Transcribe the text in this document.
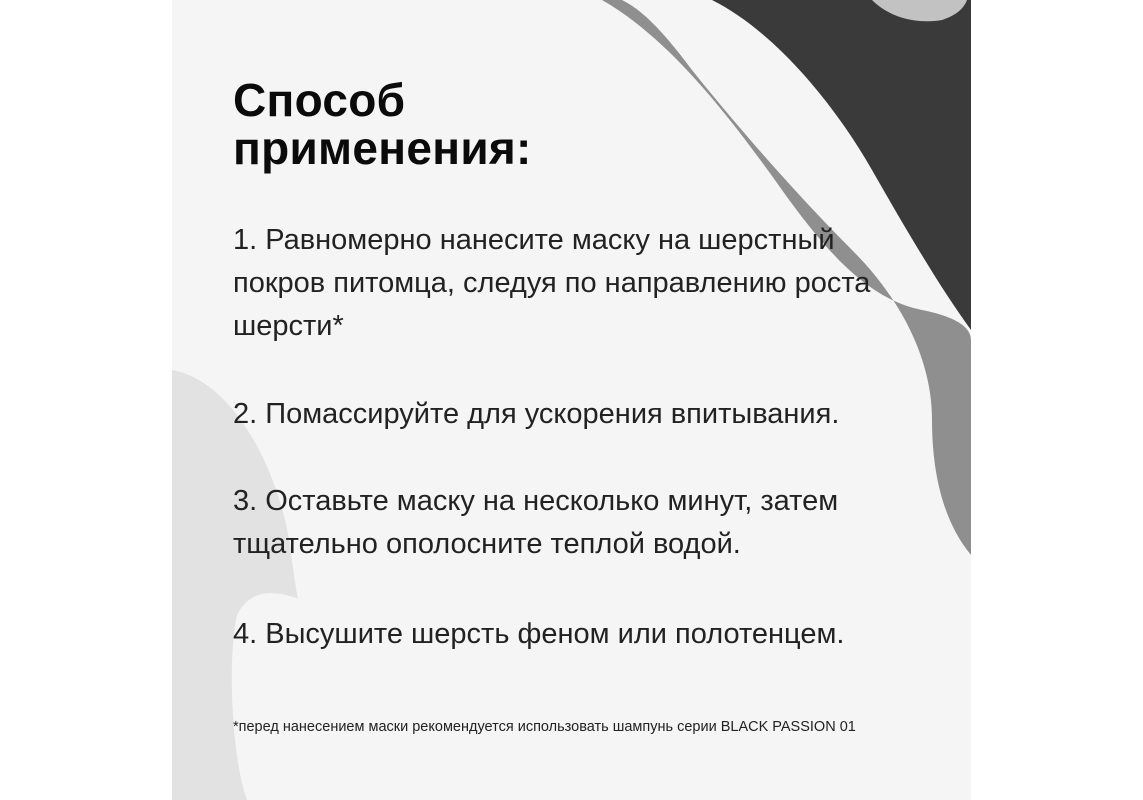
Способ
применения:

1. Равномерно нанесите маску на шерстный
покров питомца, следуя по направлению роста
шерсти*

2. Помассируйте для ускорения впитывания.

3. Оставьте маску на несколько минут, затем
тщательно ополосните теплой водой.

4. Высушите шерсть феном или полотенцем.

*перед нанесением маски рекомендуется использовать шампунь серии BLACK PASSION 01
